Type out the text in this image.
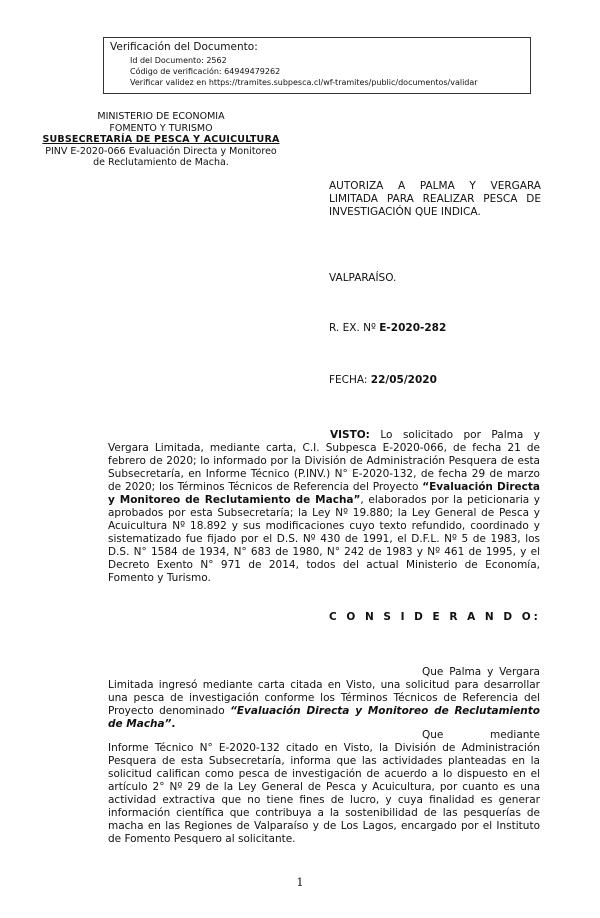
Verificación del Documento:
• Id del Documento: 2562
• Código de verificación: 64949479262
• Verificar validez en https://tramites.subpesca.cl/wf-tramites/public/documentos/validar
MINISTERIO DE ECONOMIA
FOMENTO Y TURISMO
SUBSECRETARÍA DE PESCA Y ACUICULTURA
PINV E-2020-066 Evaluación Directa y Monitoreo
de Reclutamiento de Macha.
AUTORIZA A PALMA Y VERGARA LIMITADA PARA REALIZAR PESCA DE INVESTIGACIÓN QUE INDICA.
VALPARAÍSO.
R. EX. Nº E-2020-282
FECHA: 22/05/2020
VISTO: Lo solicitado por Palma y Vergara Limitada, mediante carta, C.I. Subpesca E-2020-066, de fecha 21 de febrero de 2020; lo informado por la División de Administración Pesquera de esta Subsecretaría, en Informe Técnico (P.INV.) N° E-2020-132, de fecha 29 de marzo de 2020; los Términos Técnicos de Referencia del Proyecto “Evaluación Directa y Monitoreo de Reclutamiento de Macha”, elaborados por la peticionaria y aprobados por esta Subsecretaría; la Ley Nº 19.880; la Ley General de Pesca y Acuicultura Nº 18.892 y sus modificaciones cuyo texto refundido, coordinado y sistematizado fue fijado por el D.S. Nº 430 de 1991, el D.F.L. Nº 5 de 1983, los D.S. N° 1584 de 1934, N° 683 de 1980, N° 242 de 1983 y Nº 461 de 1995, y el Decreto Exento N° 971 de 2014, todos del actual Ministerio de Economía, Fomento y Turismo.
C O N S I D E R A N D O:
Que Palma y Vergara Limitada ingresó mediante carta citada en Visto, una solicitud para desarrollar una pesca de investigación conforme los Términos Técnicos de Referencia del Proyecto denominado “Evaluación Directa y Monitoreo de Reclutamiento de Macha”.
Que mediante Informe Técnico N° E-2020-132 citado en Visto, la División de Administración Pesquera de esta Subsecretaría, informa que las actividades planteadas en la solicitud califican como pesca de investigación de acuerdo a lo dispuesto en el artículo 2° Nº 29 de la Ley General de Pesca y Acuicultura, por cuanto es una actividad extractiva que no tiene fines de lucro, y cuya finalidad es generar información científica que contribuya a la sostenibilidad de las pesquerías de macha en las Regiones de Valparaíso y de Los Lagos, encargado por el Instituto de Fomento Pesquero al solicitante.
1
